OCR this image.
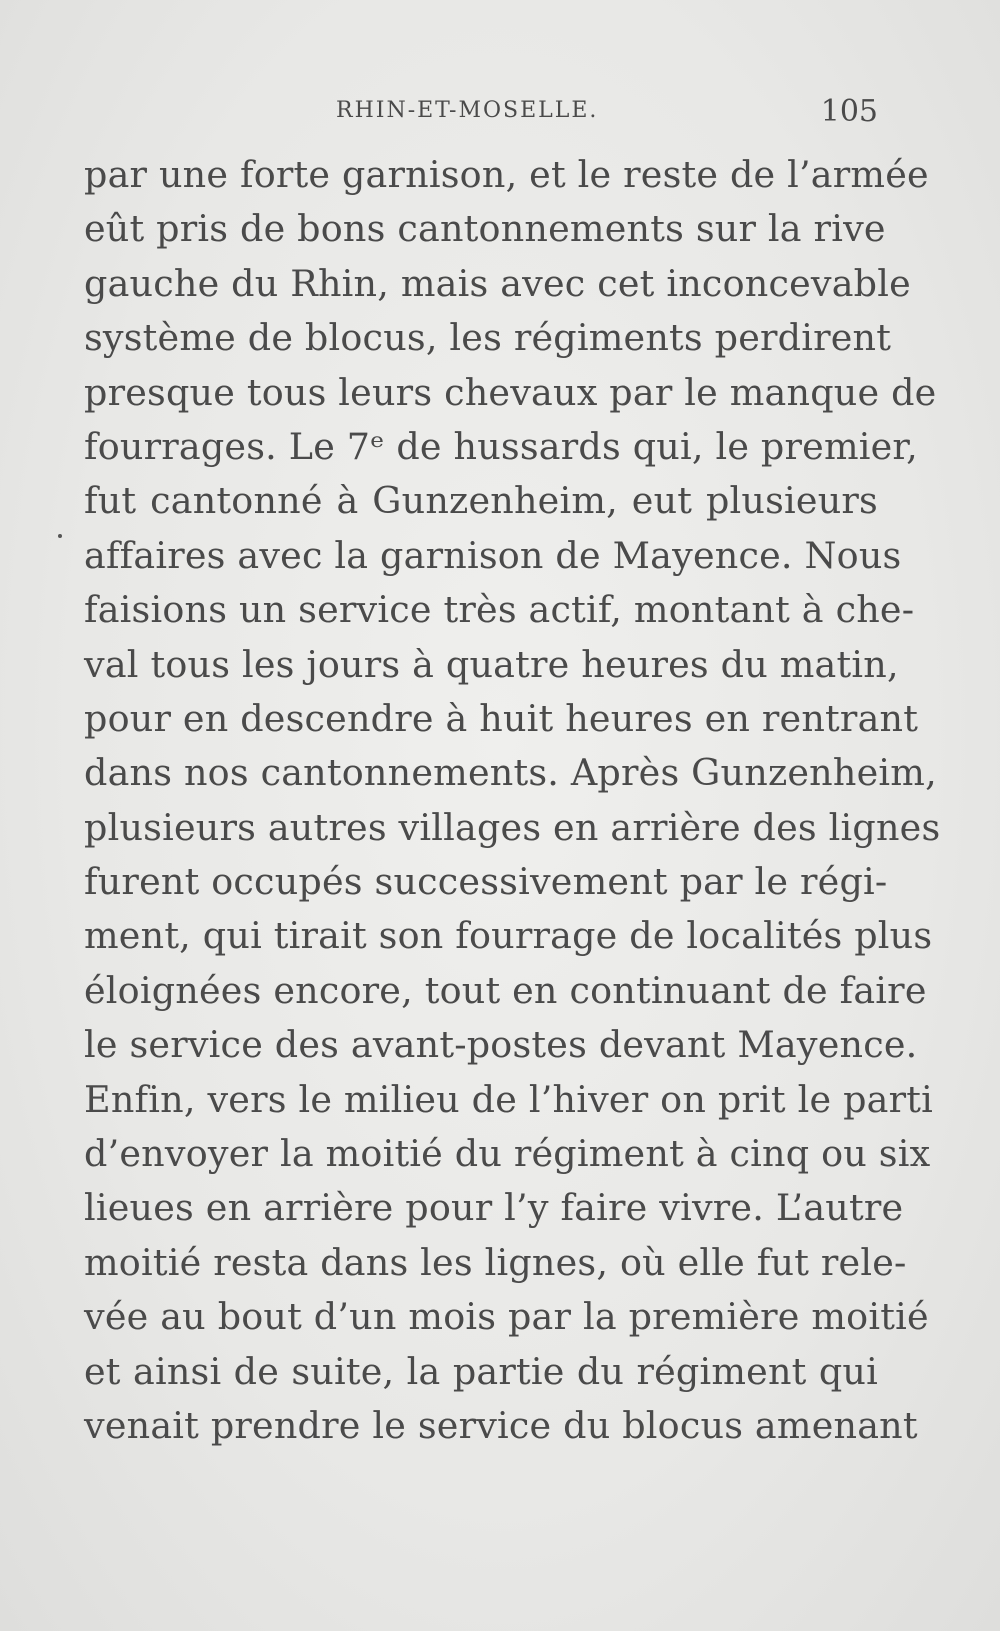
RHIN-ET-MOSELLE.	105
par une forte garnison, et le reste de l’armée
eût pris de bons cantonnements sur la rive
gauche du Rhin, mais avec cet inconcevable
système de blocus, les régiments perdirent
presque tous leurs chevaux par le manque de
fourrages. Le 7ᵉ de hussards qui, le premier,
fut cantonné à Gunzenheim, eut plusieurs
affaires avec la garnison de Mayence. Nous
faisions un service très actif, montant à che-
val tous les jours à quatre heures du matin,
pour en descendre à huit heures en rentrant
dans nos cantonnements. Après Gunzenheim,
plusieurs autres villages en arrière des lignes
furent occupés successivement par le régi-
ment, qui tirait son fourrage de localités plus
éloignées encore, tout en continuant de faire
le service des avant-postes devant Mayence.
Enfin, vers le milieu de l’hiver on prit le parti
d’envoyer la moitié du régiment à cinq ou six
lieues en arrière pour l’y faire vivre. L’autre
moitié resta dans les lignes, où elle fut rele-
vée au bout d’un mois par la première moitié
et ainsi de suite, la partie du régiment qui
venait prendre le service du blocus amenant
